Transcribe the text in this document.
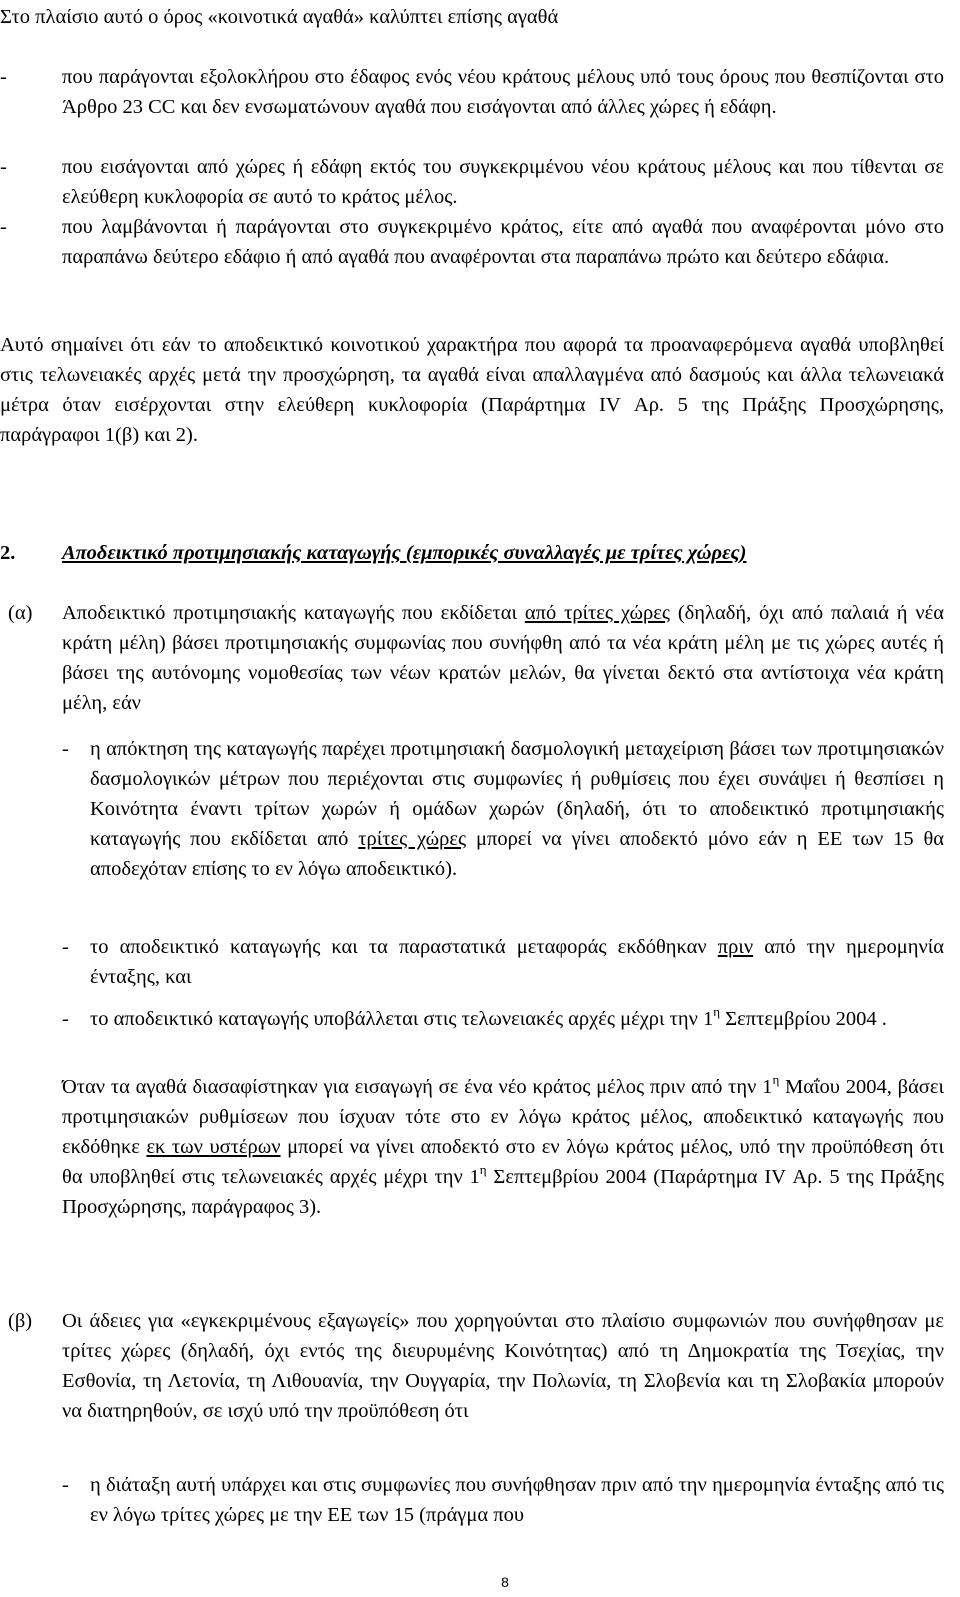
Στο πλαίσιο αυτό ο όρος «κοινοτικά αγαθά» καλύπτει επίσης αγαθά

-	που παράγονται εξολοκλήρου στο έδαφος ενός νέου κράτους μέλους υπό τους όρους που θεσπίζονται στο Άρθρο 23 CC και δεν ενσωματώνουν αγαθά που εισάγονται από άλλες χώρες ή εδάφη.
-	που εισάγονται από χώρες ή εδάφη εκτός του συγκεκριμένου νέου κράτους μέλους και που τίθενται σε ελεύθερη κυκλοφορία σε αυτό το κράτος μέλος.
-	που λαμβάνονται ή παράγονται στο συγκεκριμένο κράτος, είτε από αγαθά που αναφέρονται μόνο στο παραπάνω δεύτερο εδάφιο ή από αγαθά που αναφέρονται στα παραπάνω πρώτο και δεύτερο εδάφια.

Αυτό σημαίνει ότι εάν το αποδεικτικό κοινοτικού χαρακτήρα που αφορά τα προαναφερόμενα αγαθά υποβληθεί στις τελωνειακές αρχές μετά την προσχώρηση, τα αγαθά είναι απαλλαγμένα από δασμούς και άλλα τελωνειακά μέτρα όταν εισέρχονται στην ελεύθερη κυκλοφορία (Παράρτημα IV Αρ. 5 της Πράξης Προσχώρησης, παράγραφοι 1(β) και 2).

2. Αποδεικτικό προτιμησιακής καταγωγής (εμπορικές συναλλαγές με τρίτες χώρες)
(α)	Αποδεικτικό προτιμησιακής καταγωγής που εκδίδεται από τρίτες χώρες (δηλαδή, όχι από παλαιά ή νέα κράτη μέλη) βάσει προτιμησιακής συμφωνίας που συνήφθη από τα νέα κράτη μέλη με τις χώρες αυτές ή βάσει της αυτόνομης νομοθεσίας των νέων κρατών μελών, θα γίνεται δεκτό στα αντίστοιχα νέα κράτη μέλη, εάν
- η απόκτηση της καταγωγής παρέχει προτιμησιακή δασμολογική μεταχείριση βάσει των προτιμησιακών δασμολογικών μέτρων που περιέχονται στις συμφωνίες ή ρυθμίσεις που έχει συνάψει ή θεσπίσει η Κοινότητα έναντι τρίτων χωρών ή ομάδων χωρών (δηλαδή, ότι το αποδεικτικό προτιμησιακής καταγωγής που εκδίδεται από τρίτες χώρες μπορεί να γίνει αποδεκτό μόνο εάν η ΕΕ των 15 θα αποδεχόταν επίσης το εν λόγω αποδεικτικό).
- το αποδεικτικό καταγωγής και τα παραστατικά μεταφοράς εκδόθηκαν πριν από την ημερομηνία ένταξης, και
- το αποδεικτικό καταγωγής υποβάλλεται στις τελωνειακές αρχές μέχρι την $1^\eta$ Σεπτεμβρίου 2004 .
Όταν τα αγαθά διασαφίστηκαν για εισαγωγή σε ένα νέο κράτος μέλος πριν από την $1^\eta$ Μαΐου 2004, βάσει προτιμησιακών ρυθμίσεων που ίσχυαν τότε στο εν λόγω κράτος μέλος, αποδεικτικό καταγωγής που εκδόθηκε εκ των υστέρων μπορεί να γίνει αποδεκτό στο εν λόγω κράτος μέλος, υπό την προϋπόθεση ότι θα υποβληθεί στις τελωνειακές αρχές μέχρι την $1^\eta$ Σεπτεμβρίου 2004 (Παράρτημα IV Αρ. 5 της Πράξης Προσχώρησης, παράγραφος 3).
(β)	Οι άδειες για «εγκεκριμένους εξαγωγείς» που χορηγούνται στο πλαίσιο συμφωνιών που συνήφθησαν με τρίτες χώρες (δηλαδή, όχι εντός της διευρυμένης Κοινότητας) από τη Δημοκρατία της Τσεχίας, την Εσθονία, τη Λετονία, τη Λιθουανία, την Ουγγαρία, την Πολωνία, τη Σλοβενία και τη Σλοβακία μπορούν να διατηρηθούν, σε ισχύ υπό την προϋπόθεση ότι
- η διάταξη αυτή υπάρχει και στις συμφωνίες που συνήφθησαν πριν από την ημερομηνία ένταξης από τις εν λόγω τρίτες χώρες με την ΕΕ των 15 (πράγμα που
8
